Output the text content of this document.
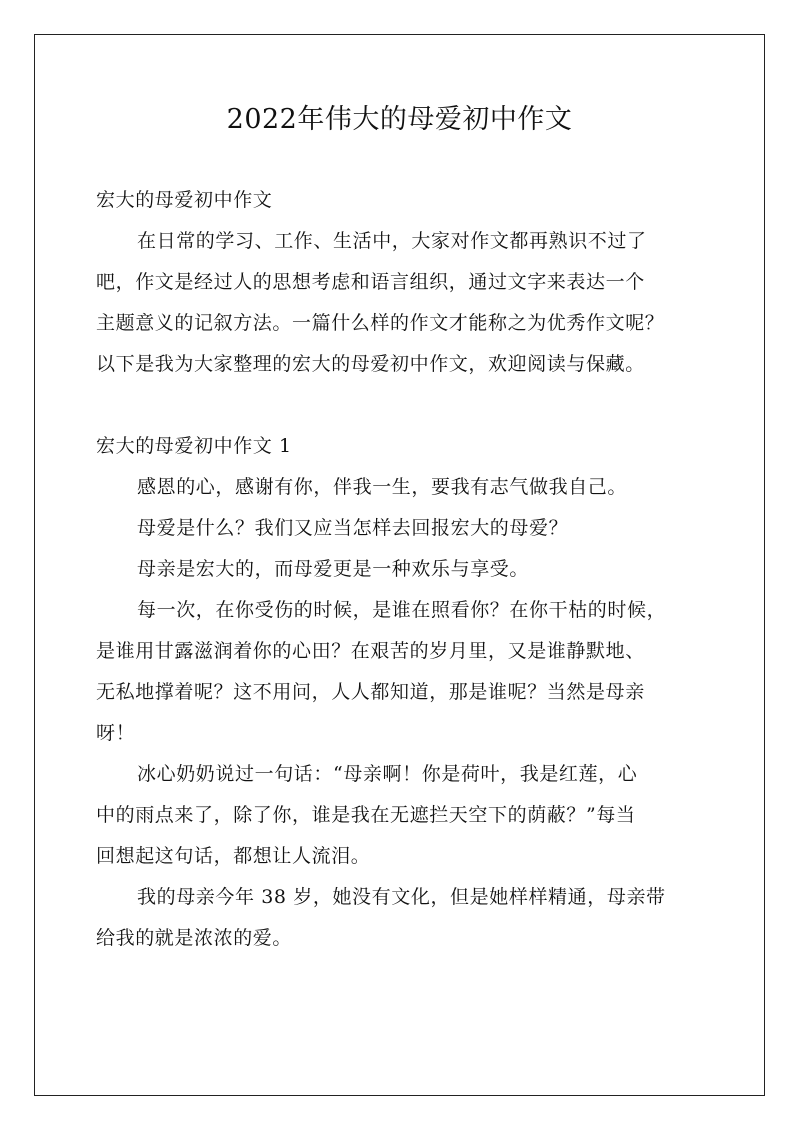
2022年伟大的母爱初中作文

宏大的母爱初中作文

在日常的学习、工作、生活中，大家对作文都再熟识不过了

吧，作文是经过人的思想考虑和语言组织，通过文字来表达一个

主题意义的记叙方法。一篇什么样的作文才能称之为优秀作文呢？

以下是我为大家整理的宏大的母爱初中作文，欢迎阅读与保藏。

宏大的母爱初中作文 1

感恩的心，感谢有你，伴我一生，要我有志气做我自己。

母爱是什么？我们又应当怎样去回报宏大的母爱？

母亲是宏大的，而母爱更是一种欢乐与享受。

每一次，在你受伤的时候，是谁在照看你？在你干枯的时候，

是谁用甘露滋润着你的心田？在艰苦的岁月里，又是谁静默地、

无私地撑着呢？这不用问，人人都知道，那是谁呢？当然是母亲

呀！

冰心奶奶说过一句话：“母亲啊！你是荷叶，我是红莲，心

中的雨点来了，除了你，谁是我在无遮拦天空下的荫蔽？”每当

回想起这句话，都想让人流泪。

我的母亲今年 38 岁，她没有文化，但是她样样精通，母亲带

给我的就是浓浓的爱。
